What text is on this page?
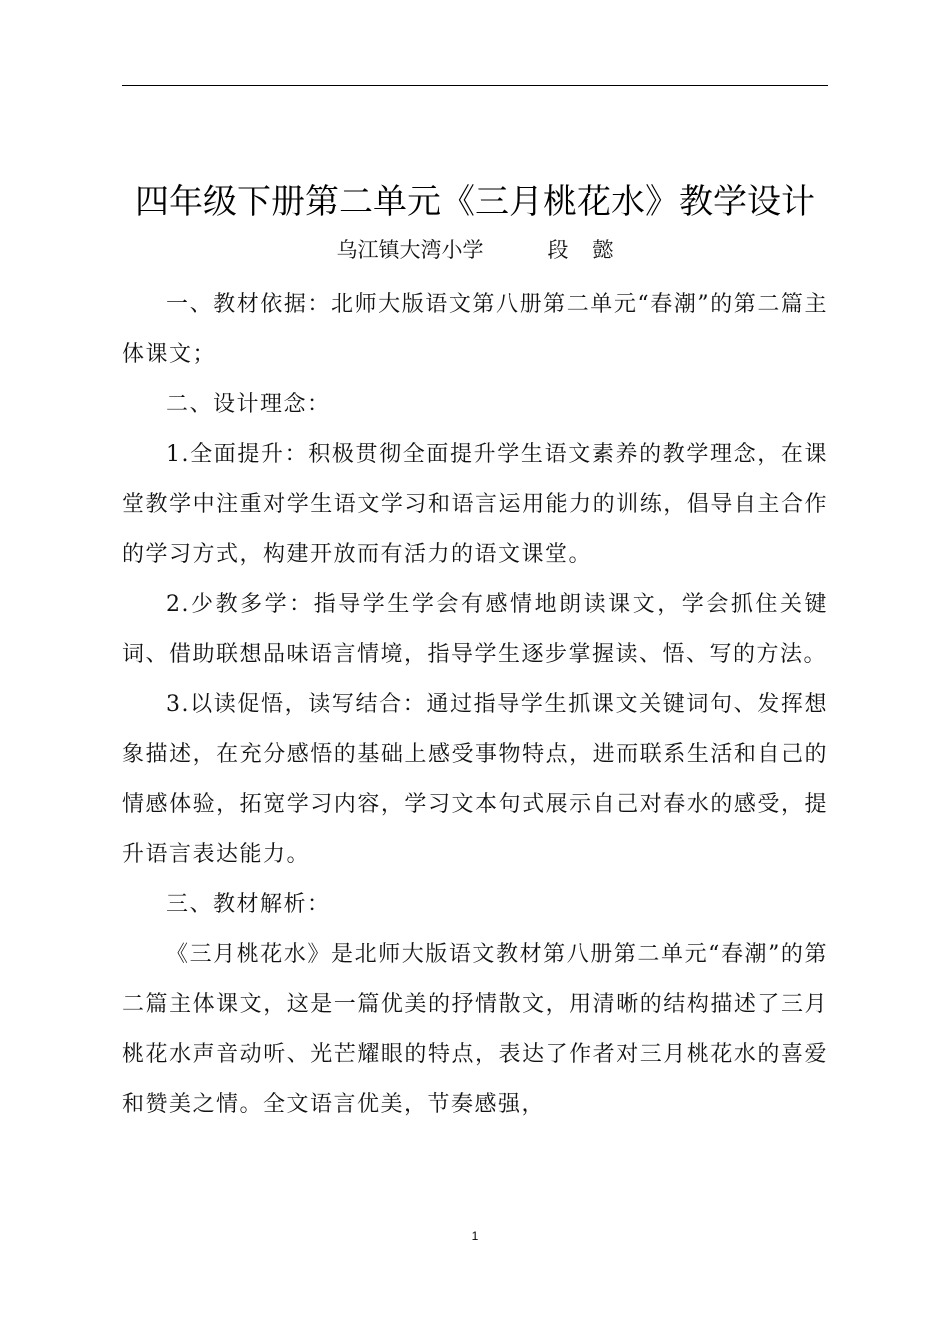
四年级下册第二单元《三月桃花水》教学设计
乌江镇大湾小学	段 懿

一、教材依据：北师大版语文第八册第二单元“春潮”的第二篇主体课文；

二、设计理念：

1.全面提升：积极贯彻全面提升学生语文素养的教学理念，在课堂教学中注重对学生语文学习和语言运用能力的训练，倡导自主合作的学习方式，构建开放而有活力的语文课堂。

2.少教多学：指导学生学会有感情地朗读课文，学会抓住关键词、借助联想品味语言情境，指导学生逐步掌握读、悟、写的方法。

3.以读促悟，读写结合：通过指导学生抓课文关键词句、发挥想象描述，在充分感悟的基础上感受事物特点，进而联系生活和自己的情感体验，拓宽学习内容，学习文本句式展示自己对春水的感受，提升语言表达能力。

三、教材解析：

《三月桃花水》是北师大版语文教材第八册第二单元“春潮”的第二篇主体课文，这是一篇优美的抒情散文，用清晰的结构描述了三月桃花水声音动听、光芒耀眼的特点，表达了作者对三月桃花水的喜爱和赞美之情。全文语言优美，节奏感强，

1
